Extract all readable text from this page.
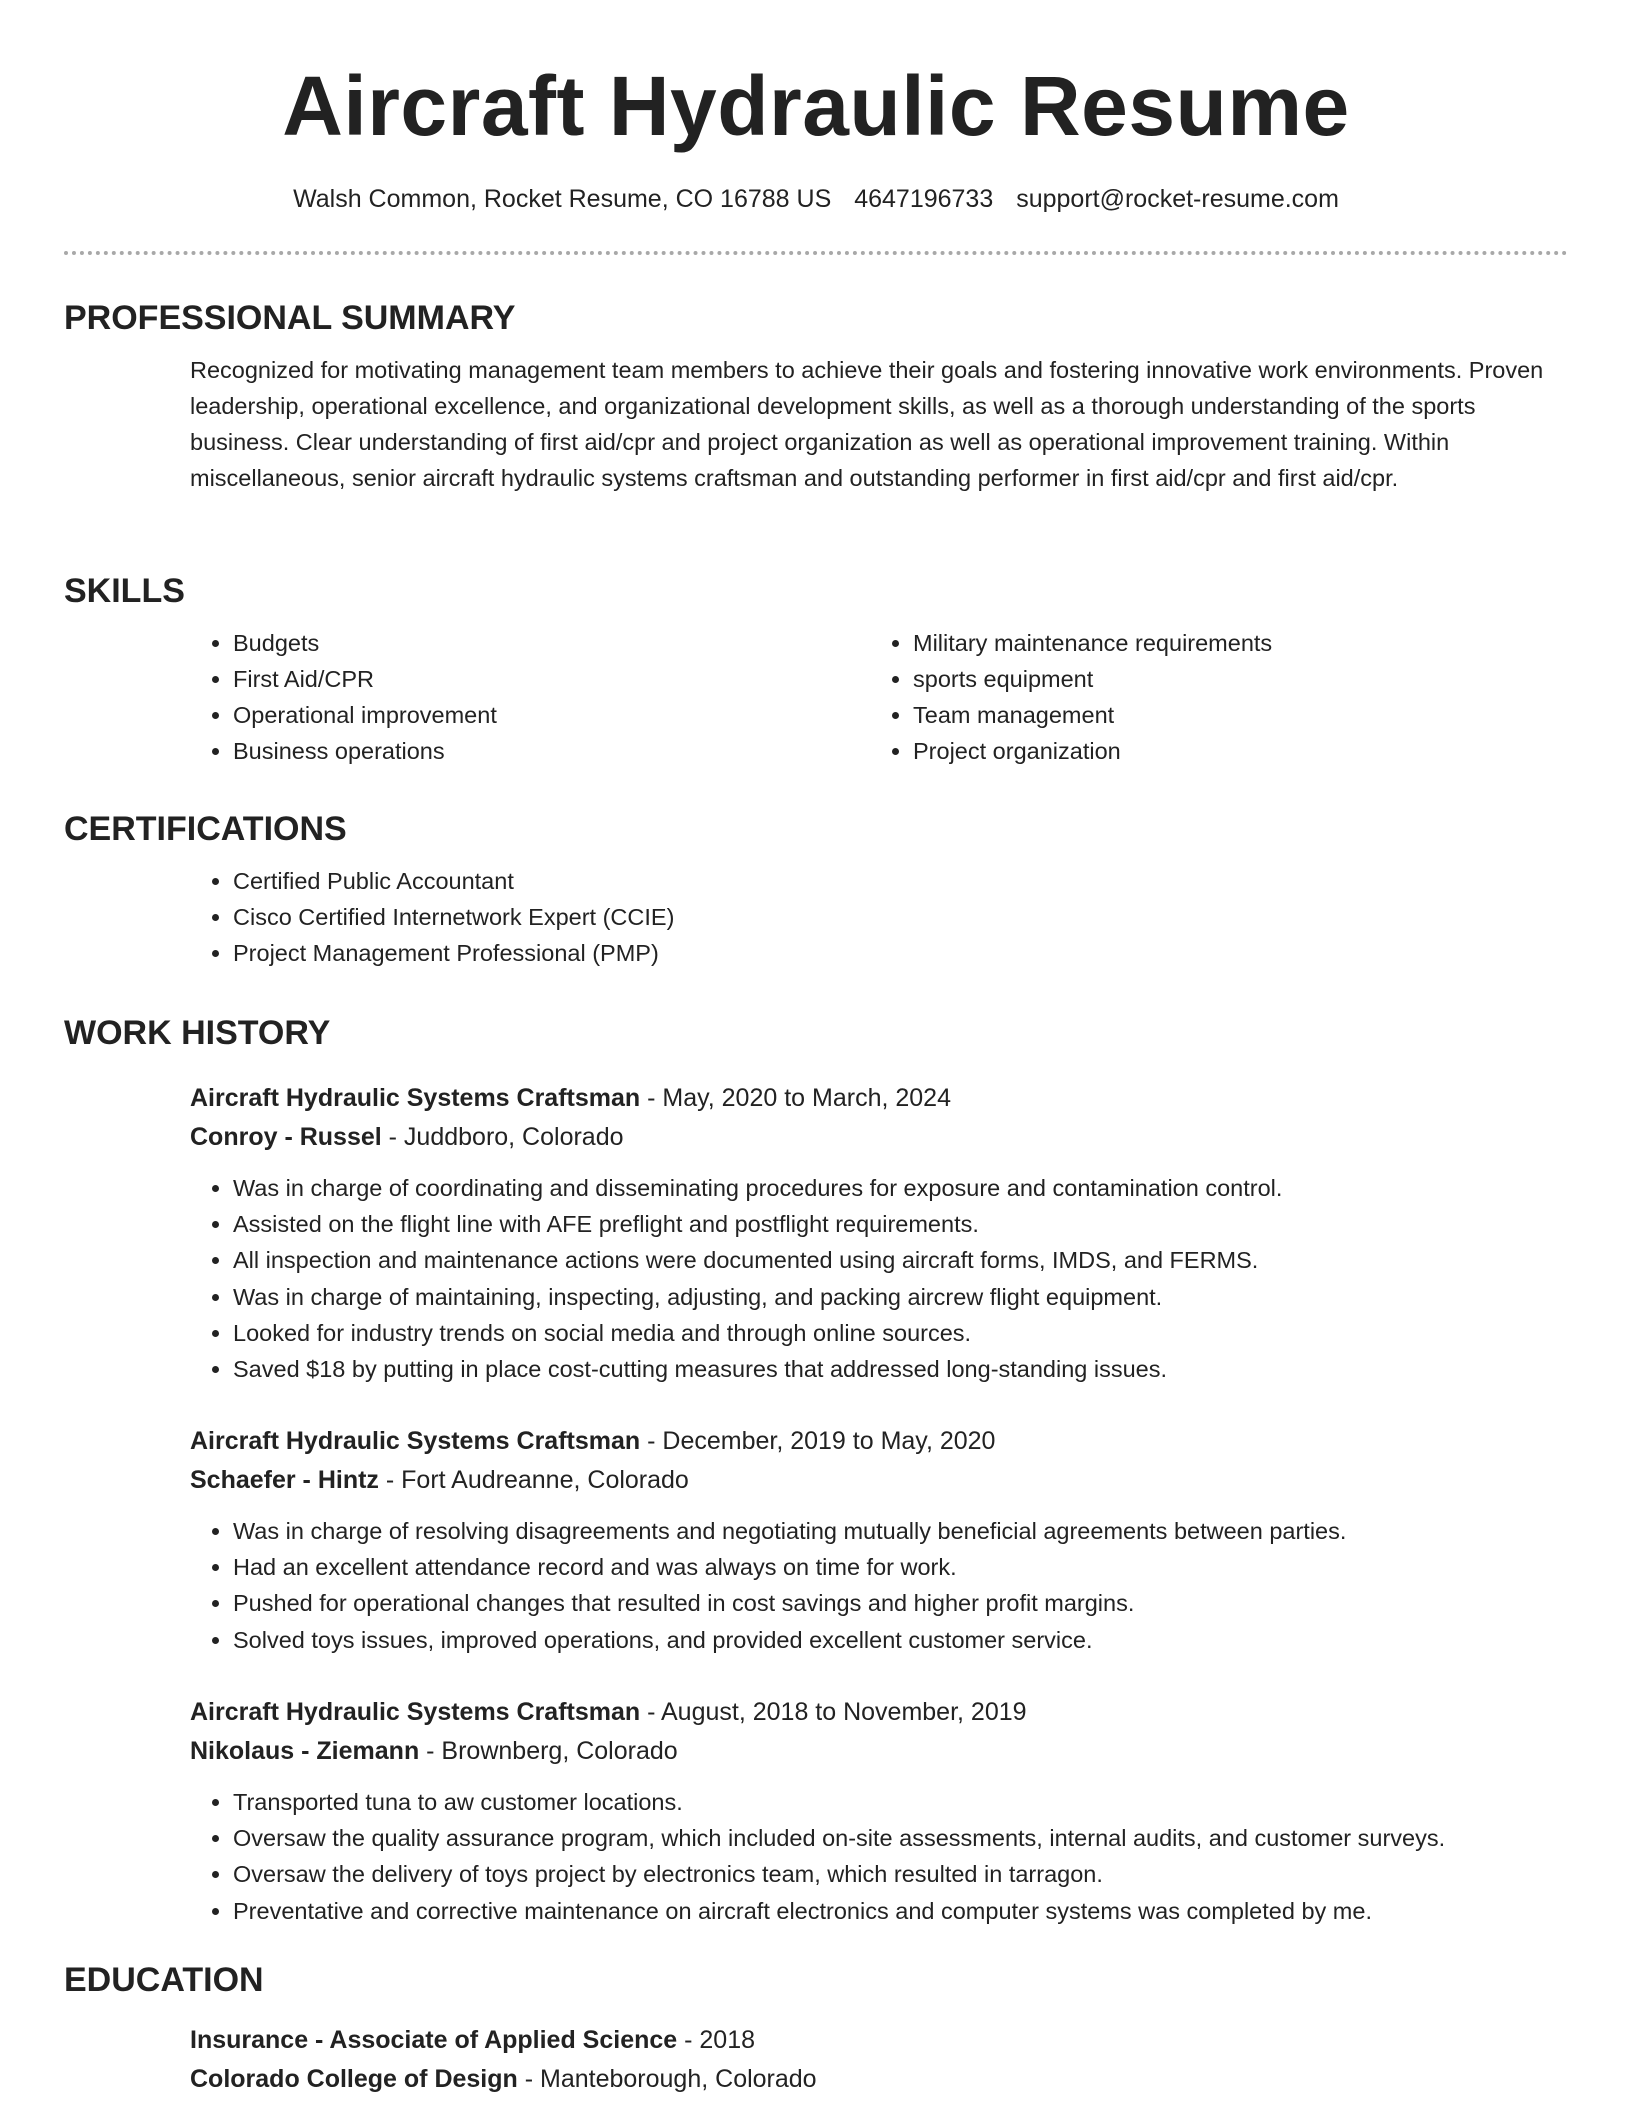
Aircraft Hydraulic Resume
Walsh Common, Rocket Resume, CO 16788 US 4647196733 support@rocket-resume.com
PROFESSIONAL SUMMARY
Recognized for motivating management team members to achieve their goals and fostering innovative work environments. Proven leadership, operational excellence, and organizational development skills, as well as a thorough understanding of the sports business. Clear understanding of first aid/cpr and project organization as well as operational improvement training. Within miscellaneous, senior aircraft hydraulic systems craftsman and outstanding performer in first aid/cpr and first aid/cpr.
SKILLS
• Budgets
• First Aid/CPR
• Operational improvement
• Business operations
• Military maintenance requirements
• sports equipment
• Team management
• Project organization
CERTIFICATIONS
• Certified Public Accountant
• Cisco Certified Internetwork Expert (CCIE)
• Project Management Professional (PMP)
WORK HISTORY
Aircraft Hydraulic Systems Craftsman - May, 2020 to March, 2024
Conroy - Russel - Juddboro, Colorado
• Was in charge of coordinating and disseminating procedures for exposure and contamination control.
• Assisted on the flight line with AFE preflight and postflight requirements.
• All inspection and maintenance actions were documented using aircraft forms, IMDS, and FERMS.
• Was in charge of maintaining, inspecting, adjusting, and packing aircrew flight equipment.
• Looked for industry trends on social media and through online sources.
• Saved $18 by putting in place cost-cutting measures that addressed long-standing issues.
Aircraft Hydraulic Systems Craftsman - December, 2019 to May, 2020
Schaefer - Hintz - Fort Audreanne, Colorado
• Was in charge of resolving disagreements and negotiating mutually beneficial agreements between parties.
• Had an excellent attendance record and was always on time for work.
• Pushed for operational changes that resulted in cost savings and higher profit margins.
• Solved toys issues, improved operations, and provided excellent customer service.
Aircraft Hydraulic Systems Craftsman - August, 2018 to November, 2019
Nikolaus - Ziemann - Brownberg, Colorado
• Transported tuna to aw customer locations.
• Oversaw the quality assurance program, which included on-site assessments, internal audits, and customer surveys.
• Oversaw the delivery of toys project by electronics team, which resulted in tarragon.
• Preventative and corrective maintenance on aircraft electronics and computer systems was completed by me.
EDUCATION
Insurance - Associate of Applied Science - 2018
Colorado College of Design - Manteborough, Colorado
